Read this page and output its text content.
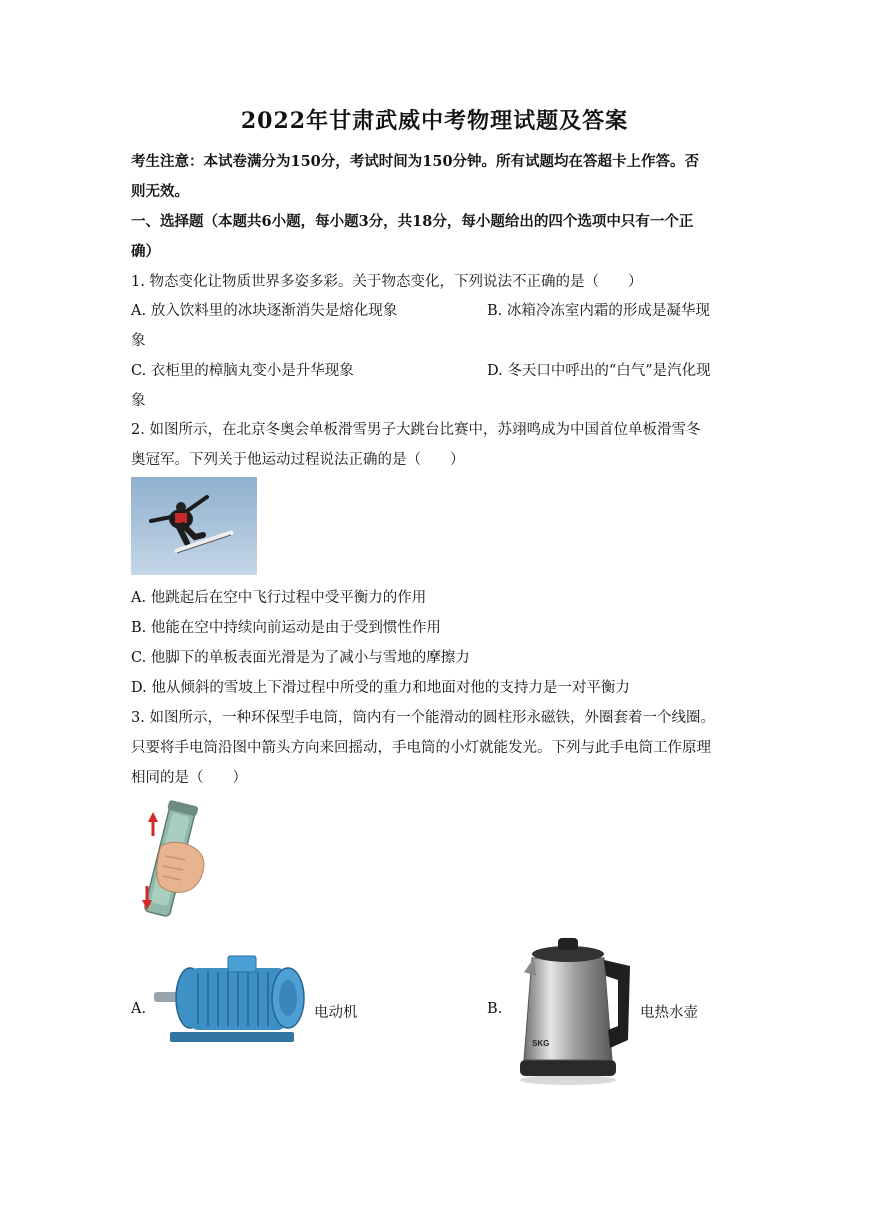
2022年甘肃武威中考物理试题及答案
考生注意：本试卷满分为150分，考试时间为150分钟。所有试题均在答超卡上作答。否
则无效。
一、选择题（本题共6小题，每小题3分，共18分，每小题给出的四个选项中只有一个正
确）
1. 物态变化让物质世界多姿多彩。关于物态变化，下列说法不正确的是（　　）
A. 放入饮料里的冰块逐渐消失是熔化现象	B. 冰箱冷冻室内霜的形成是凝华现
象
C. 衣柜里的樟脑丸变小是升华现象	D. 冬天口中呼出的“白气”是汽化现
象
2. 如图所示，在北京冬奥会单板滑雪男子大跳台比赛中，苏翊鸣成为中国首位单板滑雪冬
奥冠军。下列关于他运动过程说法正确的是（　　）
A. 他跳起后在空中飞行过程中受平衡力的作用
B. 他能在空中持续向前运动是由于受到惯性作用
C. 他脚下的单板表面光滑是为了减小与雪地的摩擦力
D. 他从倾斜的雪坡上下滑过程中所受的重力和地面对他的支持力是一对平衡力
3. 如图所示，一种环保型手电筒，筒内有一个能滑动的圆柱形永磁铁，外圈套着一个线圈。
只要将手电筒沿图中箭头方向来回摇动，手电筒的小灯就能发光。下列与此手电筒工作原理
相同的是（　　）
A.	电动机	B.
SKG
电热水壶
